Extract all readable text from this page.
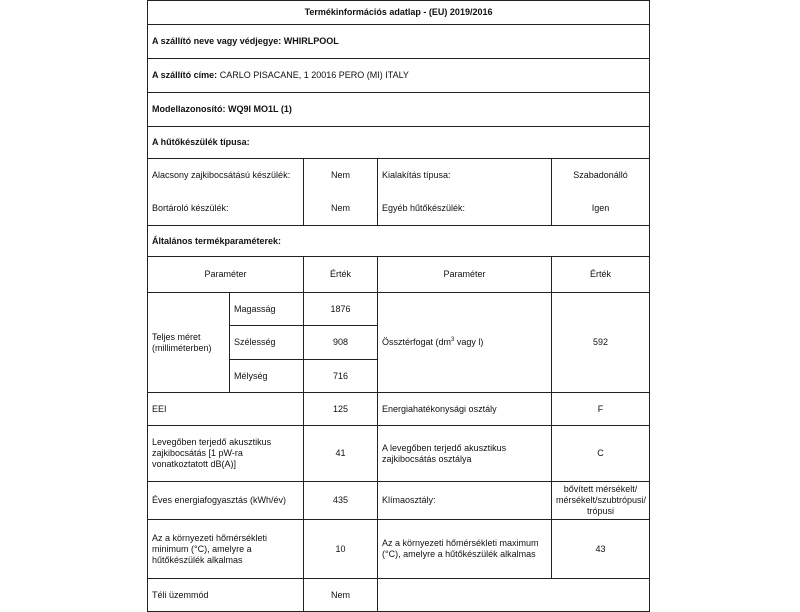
Termékinformációs adatlap - (EU) 2019/2016				
A szállító neve vagy védjegye: WHIRLPOOL				
A szállító címe: CARLO PISACANE, 1 20016 PERO (MI) ITALY				
Modellazonosító: WQ9I MO1L (1)				
A hűtőkészülék típusa:				
Alacsony zajkibocsátású készülék:		Nem	Kialakítás típusa:	Szabadonálló
Bortároló készülék:		Nem	Egyéb hűtőkészülék:	Igen
Általános termékparaméterek:				
Paraméter		Érték	Paraméter	Érték
Teljes méret (milliméterben)	Magasság	1876	Össztérfogat ($dm^3$ vagy l)	592
	Szélesség	908		
	Mélység	716		
EEI		125	Energiahatékonysági osztály	F
Levegőben terjedő akusztikus zajkibocsátás [1 pW-ra vonatkoztatott dB(A)]		41	A levegőben terjedő akusztikus zajkibocsátás osztálya	C
Éves energiafogyasztás (kWh/év)		435	Klímaosztály:	bővített mérsékelt/ mérsékelt/szubtrópusi/ trópusi
Az a környezeti hőmérsékleti minimum (°C), amelyre a hűtőkészülék alkalmas		10	Az a környezeti hőmérsékleti maximum (°C), amelyre a hűtőkészülék alkalmas	43
Téli üzemmód		Nem		
